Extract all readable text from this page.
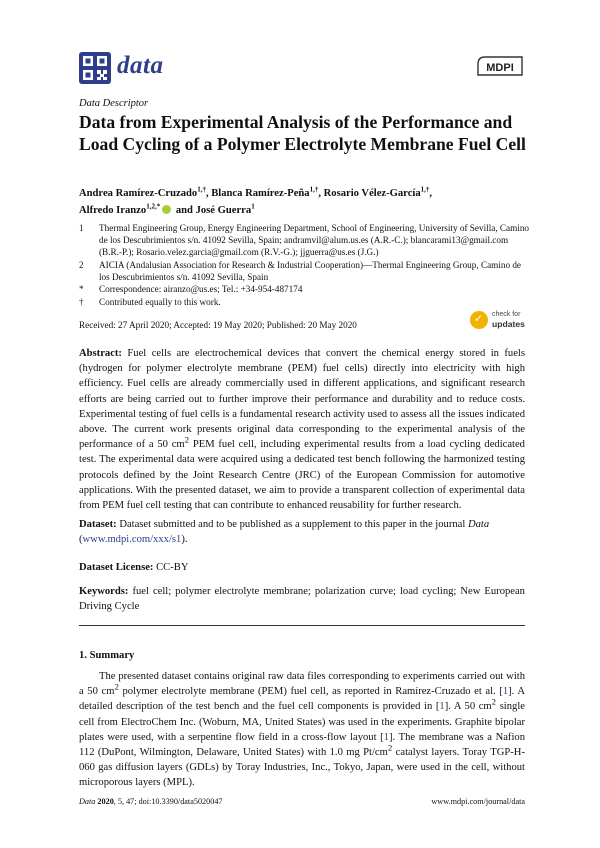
data	MDPI
Data Descriptor
Data from Experimental Analysis of the Performance and Load Cycling of a Polymer Electrolyte Membrane Fuel Cell
Andrea Ramírez-Cruzado$^{1,\dagger}$, Blanca Ramírez-Peña$^{1,\dagger}$, Rosario Vélez-García$^{1,\dagger}$,
Alfredo Iranzo$^{1,2,*}$ and José Guerra$^1$
1	Thermal Engineering Group, Energy Engineering Department, School of Engineering, University of Sevilla, Camino de los Descubrimientos s/n. 41092 Sevilla, Spain; andramvil@alum.us.es (A.R.-C.); blancarami13@gmail.com (B.R.-P.); Rosario.velez.garcia@gmail.com (R.V.-G.); jjguerra@us.es (J.G.)
2	AICIA (Andalusian Association for Research & Industrial Cooperation)—Thermal Engineering Group, Camino de los Descubrimientos s/n. 41092 Sevilla, Spain
*	Correspondence: airanzo@us.es; Tel.: +34-954-487174
†	Contributed equally to this work.
Received: 27 April 2020; Accepted: 19 May 2020; Published: 20 May 2020	✓ check for
updates
Abstract: Fuel cells are electrochemical devices that convert the chemical energy stored in fuels (hydrogen for polymer electrolyte membrane (PEM) fuel cells) directly into electricity with high efficiency. Fuel cells are already commercially used in different applications, and significant research efforts are being carried out to further improve their performance and durability and to reduce costs. Experimental testing of fuel cells is a fundamental research activity used to assess all the issues indicated above. The current work presents original data corresponding to the experimental analysis of the performance of a 50 $cm^2$ PEM fuel cell, including experimental results from a load cycling dedicated test. The experimental data were acquired using a dedicated test bench following the harmonized testing protocols defined by the Joint Research Centre (JRC) of the European Commission for automotive applications. With the presented dataset, we aim to provide a transparent collection of experimental data from PEM fuel cell testing that can contribute to enhanced reusability for further research.
Dataset: Dataset submitted and to be published as a supplement to this paper in the journal Data
(www.mdpi.com/xxx/s1).
Dataset License: CC-BY
Keywords: fuel cell; polymer electrolyte membrane; polarization curve; load cycling; New European Driving Cycle
1. Summary
The presented dataset contains original raw data files corresponding to experiments carried out with a 50 $cm^2$ polymer electrolyte membrane (PEM) fuel cell, as reported in Ramírez-Cruzado et al. [1]. A detailed description of the test bench and the fuel cell components is provided in [1]. A 50 $cm^2$ single cell from ElectroChem Inc. (Woburn, MA, United States) was used in the experiments. Graphite bipolar plates were used, with a serpentine flow field in a cross-flow layout [1]. The membrane was a Nafion 112 (DuPont, Wilmington, Delaware, United States) with 1.0 mg $Pt/cm^2$ catalyst layers. Toray TGP-H-060 gas diffusion layers (GDLs) by Toray Industries, Inc., Tokyo, Japan, were used in the cell, without microporous layers (MPL).
Data 2020, 5, 47; doi:10.3390/data5020047	www.mdpi.com/journal/data
